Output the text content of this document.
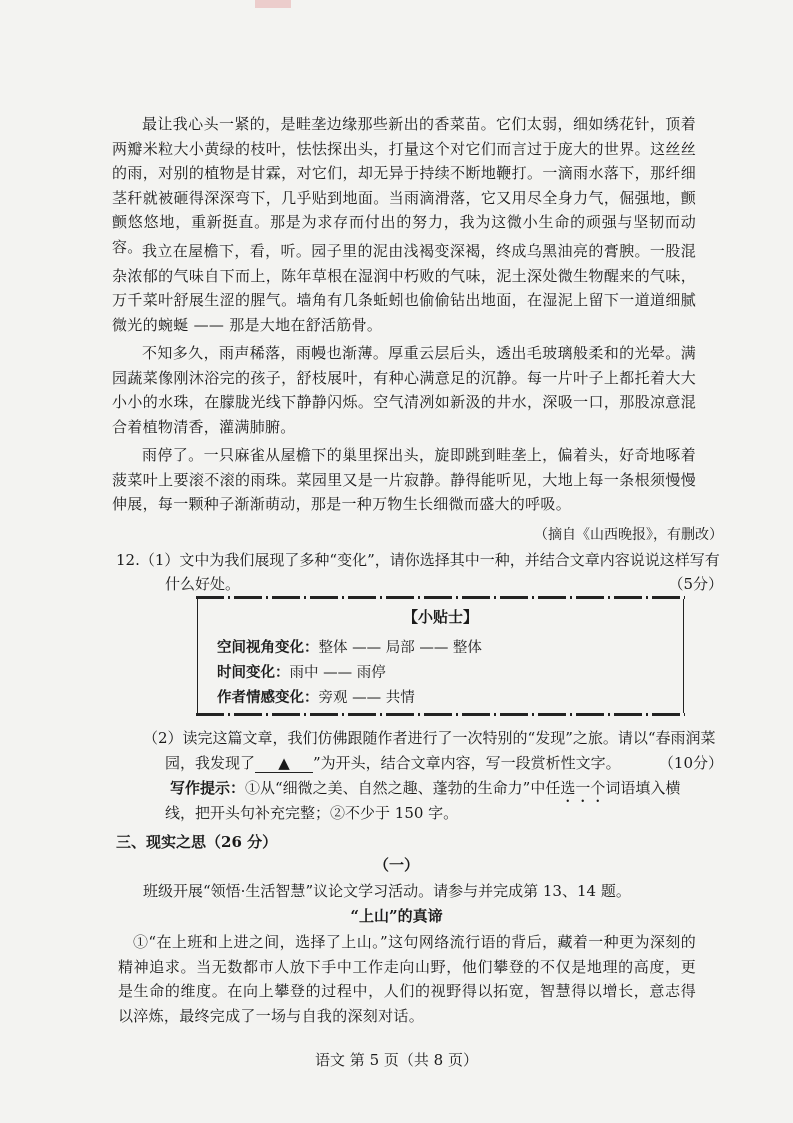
最让我心头一紧的，是畦垄边缘那些新出的香菜苗。它们太弱，细如绣花针，顶着两瓣米粒大小黄绿的枝叶，怯怯探出头，打量这个对它们而言过于庞大的世界。这丝丝的雨，对别的植物是甘霖，对它们，却无异于持续不断地鞭打。一滴雨水落下，那纤细茎秆就被砸得深深弯下，几乎贴到地面。当雨滴滑落，它又用尽全身力气，倔强地，颤颤悠悠地，重新挺直。那是为求存而付出的努力，我为这微小生命的顽强与坚韧而动容。 我立在屋檐下，看，听。园子里的泥由浅褐变深褐，终成乌黑油亮的膏腴。一股混杂浓郁的气味自下而上，陈年草根在湿润中朽败的气味，泥土深处微生物醒来的气味，万千菜叶舒展生涩的腥气。墙角有几条蚯蚓也偷偷钻出地面，在湿泥上留下一道道细腻微光的蜿蜒 —— 那是大地在舒活筋骨。

不知多久，雨声稀落，雨幔也渐薄。厚重云层后头，透出毛玻璃般柔和的光晕。满园蔬菜像刚沐浴完的孩子，舒枝展叶，有种心满意足的沉静。每一片叶子上都托着大大小小的水珠，在朦胧光线下静静闪烁。空气清冽如新汲的井水，深吸一口，那股凉意混合着植物清香，灌满肺腑。

雨停了。一只麻雀从屋檐下的巢里探出头，旋即跳到畦垄上，偏着头，好奇地啄着菠菜叶上要滚不滚的雨珠。菜园里又是一片寂静。静得能听见，大地上每一条根须慢慢伸展，每一颗种子渐渐萌动，那是一种万物生长细微而盛大的呼吸。

（摘自《山西晚报》，有删改）
12.（1）文中为我们展现了多种“变化”，请你选择其中一种，并结合文章内容说说这样写有
什么好处。	（5分）
【小贴士】
空间视角变化：整体 —— 局部 —— 整体
时间变化：雨中 —— 雨停
作者情感变化：旁观 —— 共情
（2）读完这篇文章，我们仿佛跟随作者进行了一次特别的“发现”之旅。请以“春雨润菜
园，我发现了 ▲ ”为开头，结合文章内容，写一段赏析性文字。	（10分）
写作提示：①从“细微之美、自然之趣、蓬勃的生命力”中任选一个词语填入横
线，把开头句补充完整；②不少于 150 字。
三、现实之思（26 分）
（一）
班级开展“领悟·生活智慧”议论文学习活动。请参与并完成第 13、14 题。
“上山”的真谛

①“在上班和上进之间，选择了上山。”这句网络流行语的背后，藏着一种更为深刻的精神追求。当无数都市人放下手中工作走向山野，他们攀登的不仅是地理的高度，更是生命的维度。在向上攀登的过程中，人们的视野得以拓宽，智慧得以增长，意志得以淬炼，最终完成了一场与自我的深刻对话。

语文 第 5 页（共 8 页）
